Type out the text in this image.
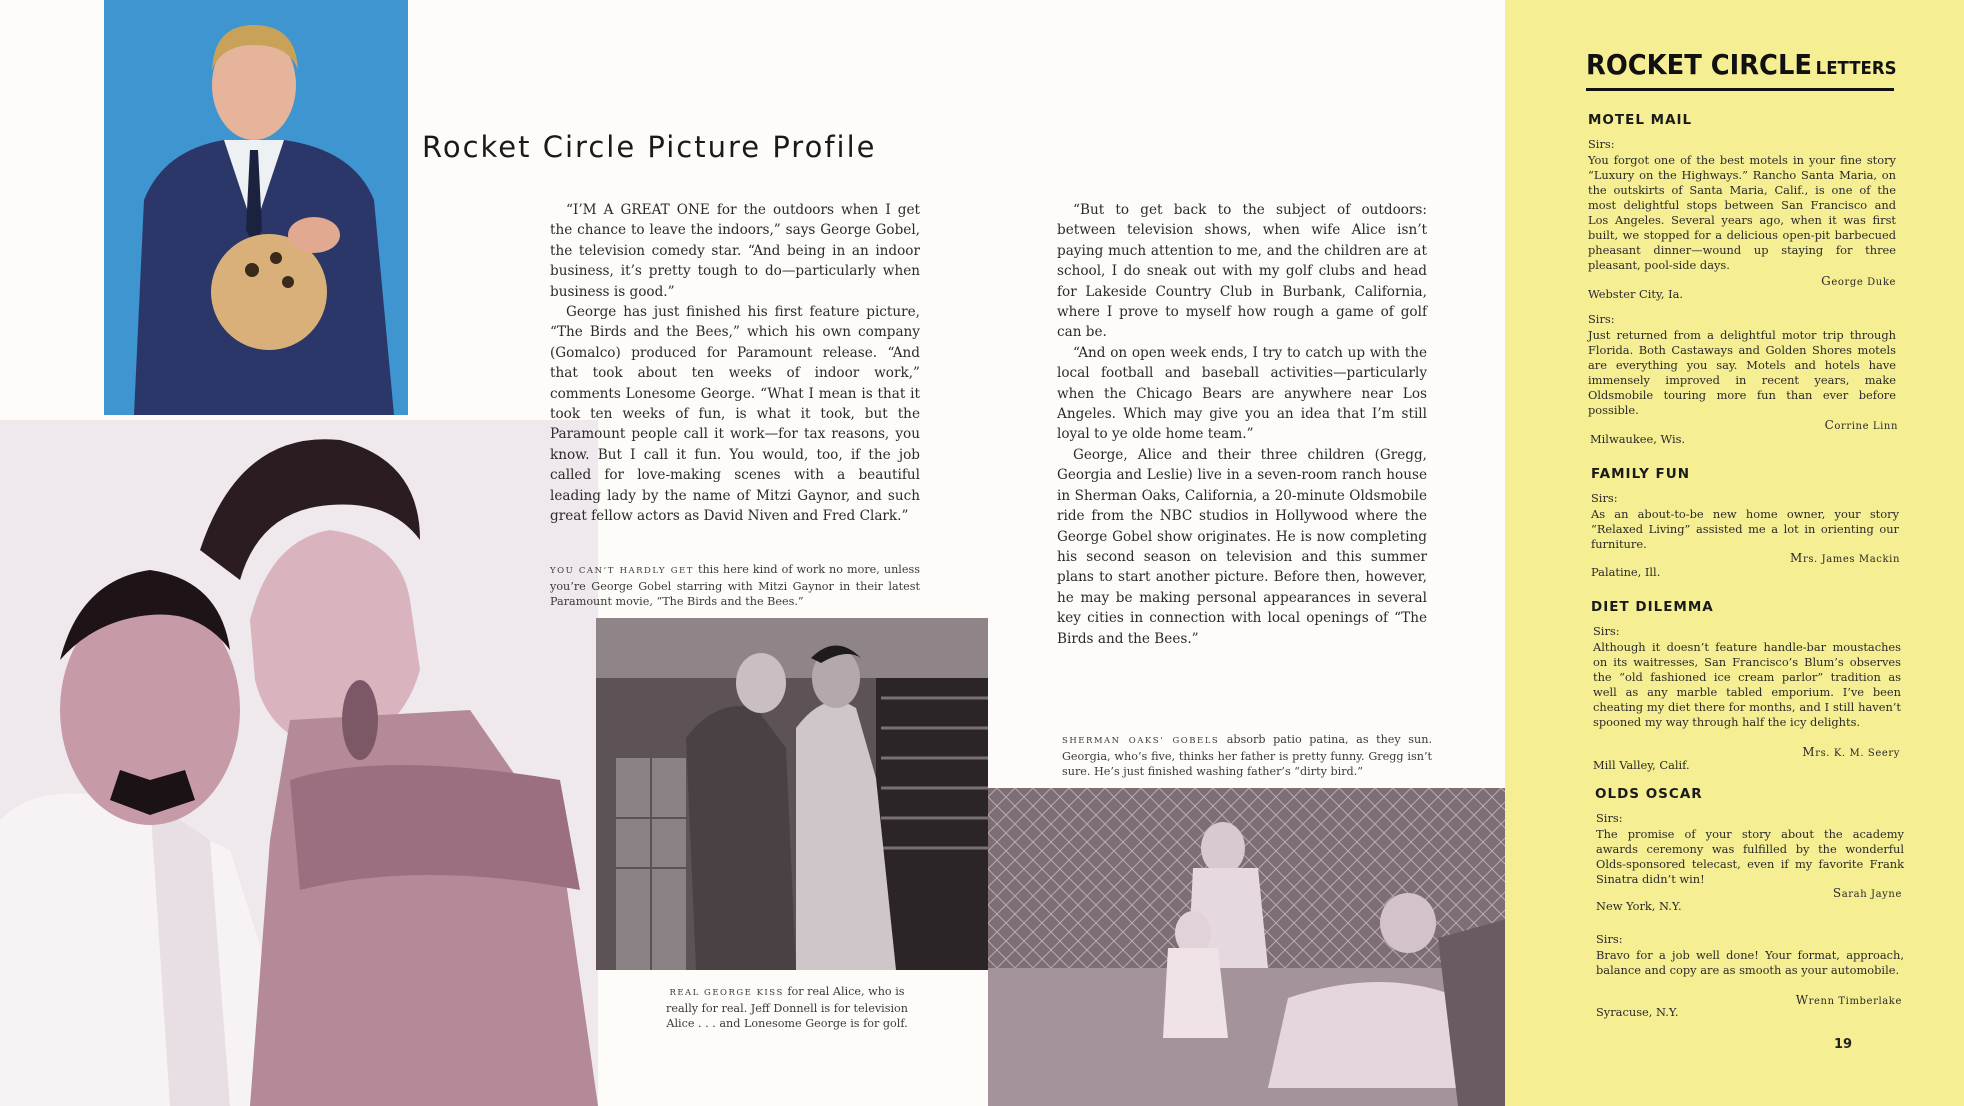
Rocket Circle Picture Profile

“I’M A GREAT ONE for the outdoors when I get the chance to leave the indoors,” says George Gobel, the television comedy star. “And being in an indoor business, it’s pretty tough to do—particularly when business is good.”

George has just finished his first feature picture, “The Birds and the Bees,” which his own company (Gomalco) produced for Paramount release. “And that took about ten weeks of indoor work,” comments Lonesome George. “What I mean is that it took ten weeks of fun, is what it took, but the Paramount people call it work—for tax reasons, you know. But I call it fun. You would, too, if the job called for love-making scenes with a beautiful leading lady by the name of Mitzi Gaynor, and such great fellow actors as David Niven and Fred Clark.”

“But to get back to the subject of outdoors: between television shows, when wife Alice isn’t paying much attention to me, and the children are at school, I do sneak out with my golf clubs and head for Lakeside Country Club in Burbank, California, where I prove to myself how rough a game of golf can be.

“And on open week ends, I try to catch up with the local football and baseball activities—particularly when the Chicago Bears are anywhere near Los Angeles. Which may give you an idea that I’m still loyal to ye olde home team.”

George, Alice and their three children (Gregg, Georgia and Leslie) live in a seven-room ranch house in Sherman Oaks, California, a 20-minute Oldsmobile ride from the NBC studios in Hollywood where the George Gobel show originates. He is now completing his second season on television and this summer plans to start another picture. Before then, however, he may be making personal appearances in several key cities in connection with local openings of “The Birds and the Bees.”

YOU CAN’T HARDLY GET this here kind of work no more, unless you’re George Gobel starring with Mitzi Gaynor in their latest Paramount movie, “The Birds and the Bees.”
REAL GEORGE KISS for real Alice, who is really for real. Jeff Donnell is for television Alice . . . and Lonesome George is for golf.
SHERMAN OAKS’ GOBELS absorb patio patina, as they sun. Georgia, who’s five, thinks her father is pretty funny. Gregg isn’t sure. He’s just finished washing father’s “dirty bird.”
ROCKET CIRCLE LETTERS
MOTEL MAIL
Sirs:
You forgot one of the best motels in your fine story “Luxury on the Highways.” Rancho Santa Maria, on the outskirts of Santa Maria, Calif., is one of the most delightful stops between San Francisco and Los Angeles. Several years ago, when it was first built, we stopped for a delicious open-pit barbecued pheasant dinner—wound up staying for three pleasant, pool-side days.
George Duke
Webster City, Ia.
Sirs:
Just returned from a delightful motor trip through Florida. Both Castaways and Golden Shores motels are everything you say. Motels and hotels have immensely improved in recent years, make Oldsmobile touring more fun than ever before possible.
Corrine Linn
Milwaukee, Wis.
FAMILY FUN
Sirs:
As an about-to-be new home owner, your story “Relaxed Living” assisted me a lot in orienting our furniture.
Mrs. James Mackin
Palatine, Ill.
DIET DILEMMA
Sirs:
Although it doesn’t feature handle-bar moustaches on its waitresses, San Francisco’s Blum’s observes the “old fashioned ice cream parlor” tradition as well as any marble tabled emporium. I’ve been cheating my diet there for months, and I still haven’t spooned my way through half the icy delights.
Mrs. K. M. Seery
Mill Valley, Calif.
OLDS OSCAR
Sirs:
The promise of your story about the academy awards ceremony was fulfilled by the wonderful Olds-sponsored telecast, even if my favorite Frank Sinatra didn’t win!
Sarah Jayne
New York, N.Y.
Sirs:
Bravo for a job well done! Your format, approach, balance and copy are as smooth as your automobile.
Wrenn Timberlake
Syracuse, N.Y.
19
